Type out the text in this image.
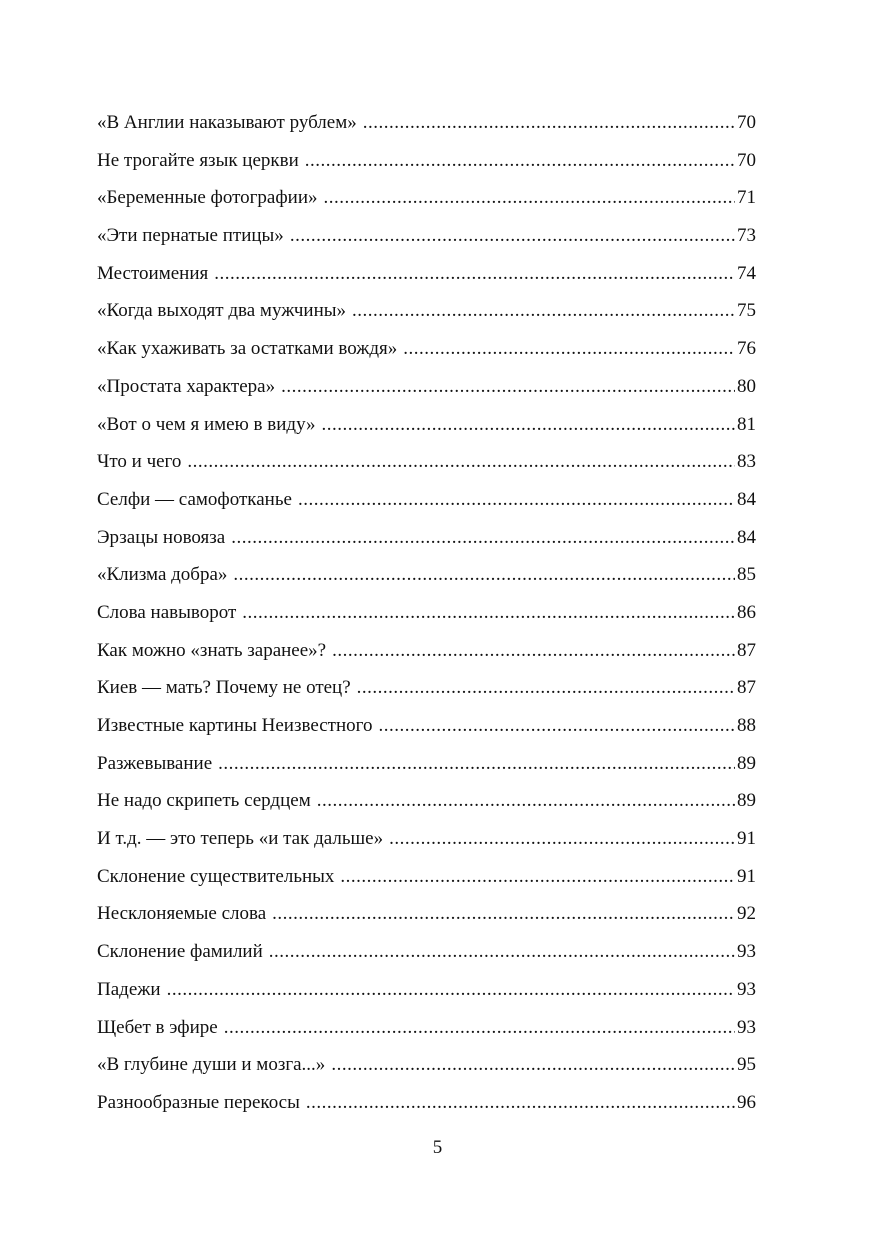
«В Англии наказывают рублем» .....	70
Не трогайте язык церкви .....	70
«Беременные фотографии» .....	71
«Эти пернатые птицы» .....	73
Местоимения .....	74
«Когда выходят два мужчины» .....	75
«Как ухаживать за остатками вождя» .....	76
«Простата характера» .....	80
«Вот о чем я имею в виду» .....	81
Что и чего .....	83
Селфи — самофотканье .....	84
Эрзацы новояза .....	84
«Клизма добра» .....	85
Слова навыворот .....	86
Как можно «знать заранее»? .....	87
Киев — мать? Почему не отец? .....	87
Известные картины Неизвестного .....	88
Разжевывание .....	89
Не надо скрипеть сердцем .....	89
И т.д. — это теперь «и так дальше» .....	91
Склонение существительных .....	91
Несклоняемые слова .....	92
Склонение фамилий .....	93
Падежи .....	93
Щебет в эфире .....	93
«В глубине души и мозга...» .....	95
Разнообразные перекосы .....	96
5
